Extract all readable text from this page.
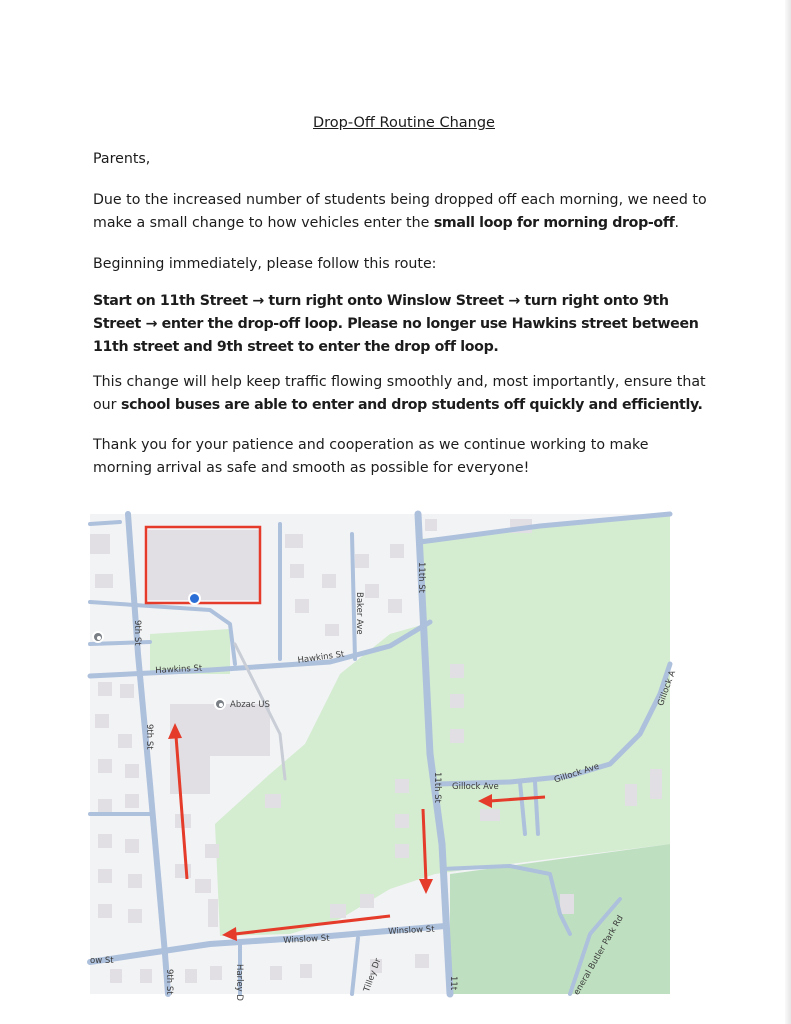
Drop-Off Routine Change

Parents,

Due to the increased number of students being dropped off each morning, we need to make a small change to how vehicles enter the small loop for morning drop-off.

Beginning immediately, please follow this route:

Start on 11th Street → turn right onto Winslow Street → turn right onto 9th Street → enter the drop-off loop. Please no longer use Hawkins street between 11th street and 9th street to enter the drop off loop.

This change will help keep traffic flowing smoothly and, most importantly, ensure that our school buses are able to enter and drop students off quickly and efficiently.

Thank you for your patience and cooperation as we continue working to make morning arrival as safe and smooth as possible for everyone!

11th St
Baker Ave
9th St
Hawkins St
Hawkins St
Abzac US
9th St
11th St Gillock Ave
Gillock Ave
Gillock A
Winslow St
Winslow St
ow St
9th St	Harley D	Tilley Dr	11t	eneral Butler Park Rd
